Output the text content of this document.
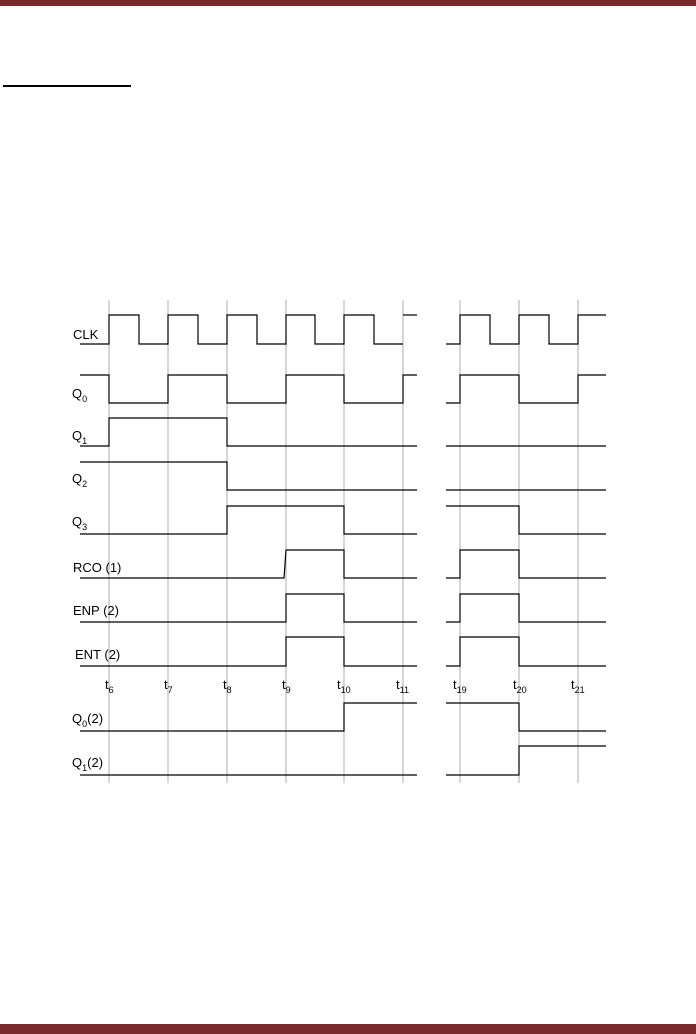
CLK
$Q_0$
$Q_1$
$Q_2$
$Q_3$
RCO (1)
ENP (2)
ENT (2)
$Q_0(2)$
$Q_1(2)$
$t_6$	$t_7$	$t_8$	$t_9$	$t_{10}$	$t_{11}$	$t_{19}$	$t_{20}$	$t_{21}$
